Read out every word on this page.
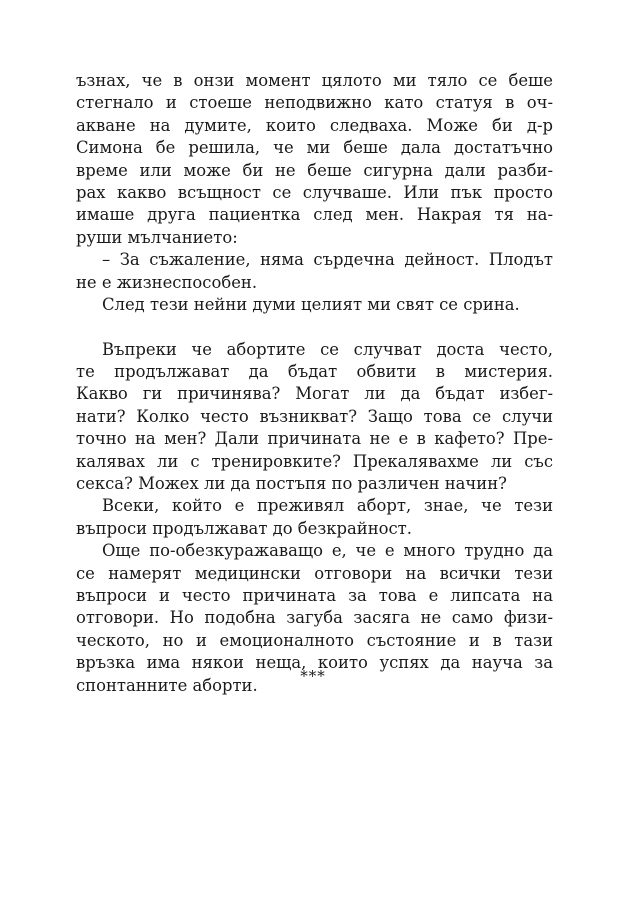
ъзнах, че в онзи момент цялото ми тяло се беше
стегнало и стоеше неподвижно като статуя в оч-
акване на думите, които следваха. Може би д-р
Симона бе решила, че ми беше дала достатъчно
време или може би не беше сигурна дали разби-
рах какво всъщност се случваше. Или пък просто
имаше друга пациентка след мен. Накрая тя на-
руши мълчанието:
– За съжаление, няма сърдечна дейност. Плодът
не е жизнеспособен.
След тези нейни думи целият ми свят се срина.
Въпреки че абортите се случват доста често,
те продължават да бъдат обвити в мистерия.
Какво ги причинява? Могат ли да бъдат избег-
нати? Колко често възникват? Защо това се случи
точно на мен? Дали причината не е в кафето? Пре-
калявах ли с тренировките? Прекалявахме ли със
секса? Можех ли да постъпя по различен начин?
Всеки, който е преживял аборт, знае, че тези
въпроси продължават до безкрайност.
Още по-обезкуражаващо е, че е много трудно да
се намерят медицински отговори на всички тези
въпроси и често причината за това е липсата на
отговори. Но подобна загуба засяга не само физи-
ческото, но и емоционалното състояние и в тази
връзка има някои неща, които успях да науча за
спонтанните аборти.	***
